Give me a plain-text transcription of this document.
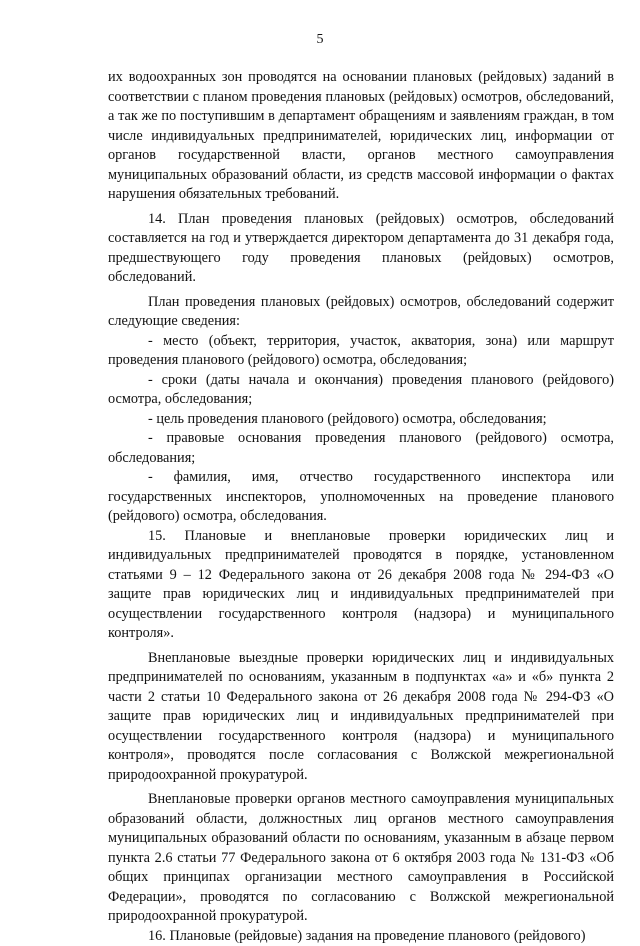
5

их водоохранных зон проводятся на основании плановых (рейдовых) заданий в соответствии с планом проведения плановых (рейдовых) осмотров, обследований, а так же по поступившим в департамент обращениям и заявлениям граждан, в том числе индивидуальных предпринимателей, юридических лиц, информации от органов государственной власти, органов местного самоуправления муниципальных образований области, из средств массовой информации о фактах нарушения обязательных требований.

14. План проведения плановых (рейдовых) осмотров, обследований составляется на год и утверждается директором департамента до 31 декабря года, предшествующего году проведения плановых (рейдовых) осмотров, обследований.

План проведения плановых (рейдовых) осмотров, обследований содержит следующие сведения:

- место (объект, территория, участок, акватория, зона) или маршрут проведения планового (рейдового) осмотра, обследования;

- сроки (даты начала и окончания) проведения планового (рейдового) осмотра, обследования;

- цель проведения планового (рейдового) осмотра, обследования;

- правовые основания проведения планового (рейдового) осмотра, обследования;

- фамилия, имя, отчество государственного инспектора или государственных инспекторов, уполномоченных на проведение планового (рейдового) осмотра, обследования.

15. Плановые и внеплановые проверки юридических лиц и индивидуальных предпринимателей проводятся в порядке, установленном статьями 9 – 12 Федерального закона от 26 декабря 2008 года № 294-ФЗ «О защите прав юридических лиц и индивидуальных предпринимателей при осуществлении государственного контроля (надзора) и муниципального контроля».

Внеплановые выездные проверки юридических лиц и индивидуальных предпринимателей по основаниям, указанным в подпунктах «а» и «б» пункта 2 части 2 статьи 10 Федерального закона от 26 декабря 2008 года № 294-ФЗ «О защите прав юридических лиц и индивидуальных предпринимателей при осуществлении государственного контроля (надзора) и муниципального контроля», проводятся после согласования с Волжской межрегиональной природоохранной прокуратурой.

Внеплановые проверки органов местного самоуправления муниципальных образований области, должностных лиц органов местного самоуправления муниципальных образований области по основаниям, указанным в абзаце первом пункта 2.6 статьи 77 Федерального закона от 6 октября 2003 года № 131-ФЗ «Об общих принципах организации местного самоуправления в Российской Федерации», проводятся по согласованию с Волжской межрегиональной природоохранной прокуратурой.

16. Плановые (рейдовые) задания на проведение планового (рейдового)
